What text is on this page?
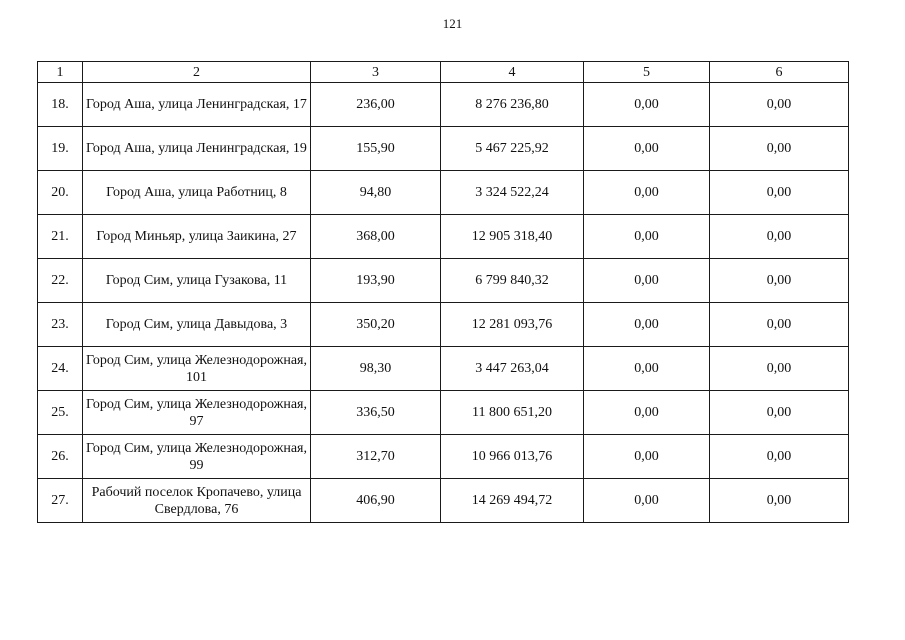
121
1	2	3	4	5	6
18.	Город Аша, улица Ленинградская, 17	236,00	8 276 236,80	0,00	0,00
19.	Город Аша, улица Ленинградская, 19	155,90	5 467 225,92	0,00	0,00
20.	Город Аша, улица Работниц, 8	94,80	3 324 522,24	0,00	0,00
21.	Город Миньяр, улица Заикина, 27	368,00	12 905 318,40	0,00	0,00
22.	Город Сим, улица Гузакова, 11	193,90	6 799 840,32	0,00	0,00
23.	Город Сим, улица Давыдова, 3	350,20	12 281 093,76	0,00	0,00
24.	Город Сим, улица Железнодорожная, 101	98,30	3 447 263,04	0,00	0,00
25.	Город Сим, улица Железнодорожная, 97	336,50	11 800 651,20	0,00	0,00
26.	Город Сим, улица Железнодорожная, 99	312,70	10 966 013,76	0,00	0,00
27.	Рабочий поселок Кропачево, улица Свердлова, 76	406,90	14 269 494,72	0,00	0,00
